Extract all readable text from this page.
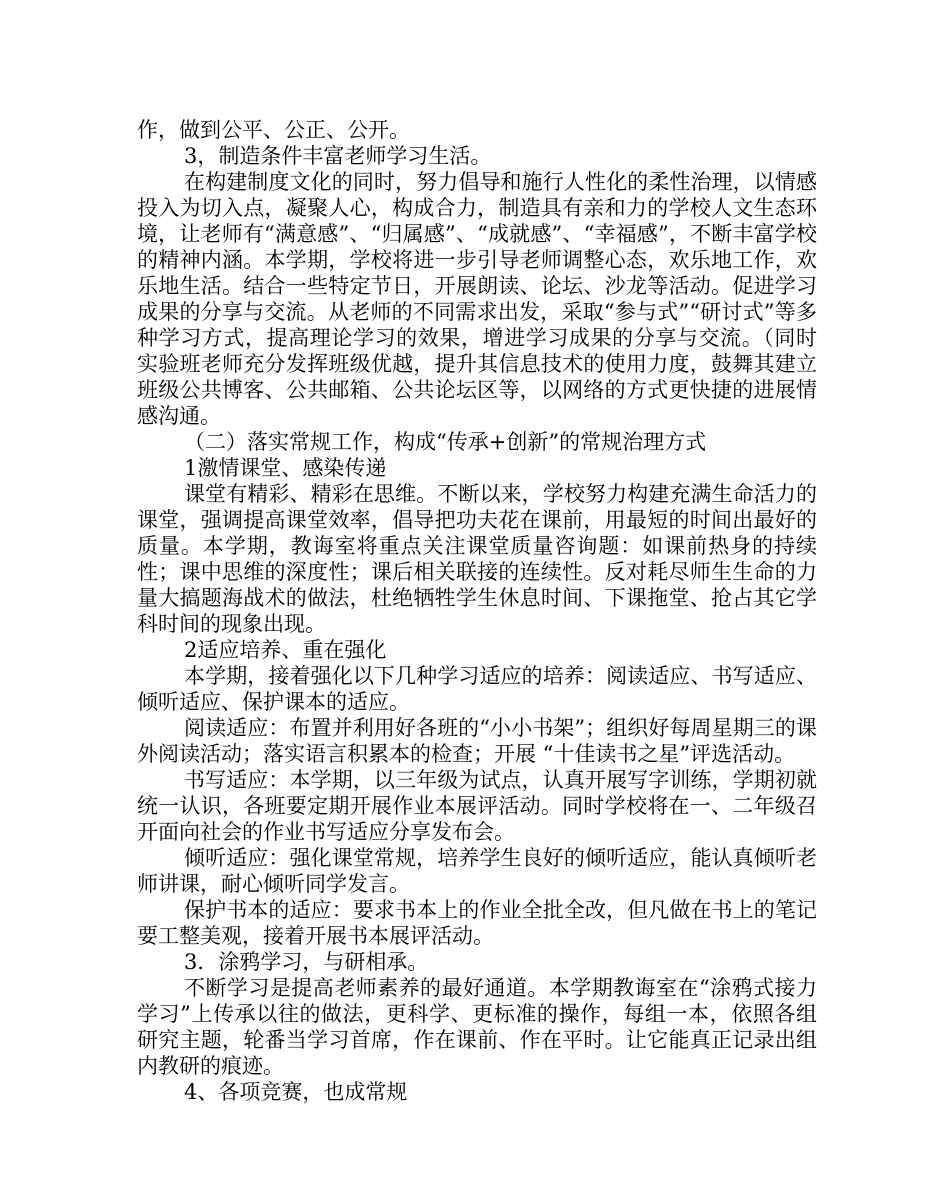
作，做到公平、公正、公开。

3，制造条件丰富老师学习生活。

在构建制度文化的同时，努力倡导和施行人性化的柔性治理，以情感投入为切入点，凝聚人心，构成合力，制造具有亲和力的学校人文生态环境，让老师有“满意感”、“归属感”、“成就感”、“幸福感”，不断丰富学校的精神内涵。本学期，学校将进一步引导老师调整心态，欢乐地工作，欢乐地生活。结合一些特定节日，开展朗读、论坛、沙龙等活动。促进学习成果的分享与交流。从老师的不同需求出发，采取“参与式”“研讨式”等多种学习方式，提高理论学习的效果，增进学习成果的分享与交流。（同时实验班老师充分发挥班级优越，提升其信息技术的使用力度，鼓舞其建立班级公共博客、公共邮箱、公共论坛区等，以网络的方式更快捷的进展情感沟通。

（二）落实常规工作，构成“传承+创新”的常规治理方式

1激情课堂、感染传递

课堂有精彩、精彩在思维。不断以来，学校努力构建充满生命活力的课堂，强调提高课堂效率，倡导把功夫花在课前，用最短的时间出最好的质量。本学期，教诲室将重点关注课堂质量咨询题：如课前热身的持续性；课中思维的深度性；课后相关联接的连续性。反对耗尽师生生命的力量大搞题海战术的做法，杜绝牺牲学生休息时间、下课拖堂、抢占其它学科时间的现象出现。

2适应培养、重在强化

本学期，接着强化以下几种学习适应的培养：阅读适应、书写适应、倾听适应、保护课本的适应。

阅读适应：布置并利用好各班的“小小书架”；组织好每周星期三的课外阅读活动；落实语言积累本的检查；开展 “十佳读书之星”评选活动。

书写适应：本学期，以三年级为试点，认真开展写字训练，学期初就统一认识，各班要定期开展作业本展评活动。同时学校将在一、二年级召开面向社会的作业书写适应分享发布会。

倾听适应：强化课堂常规，培养学生良好的倾听适应，能认真倾听老师讲课，耐心倾听同学发言。

保护书本的适应：要求书本上的作业全批全改，但凡做在书上的笔记要工整美观，接着开展书本展评活动。

3．涂鸦学习，与研相承。

不断学习是提高老师素养的最好通道。本学期教诲室在“涂鸦式接力学习”上传承以往的做法，更科学、更标准的操作，每组一本，依照各组研究主题，轮番当学习首席，作在课前、作在平时。让它能真正记录出组内教研的痕迹。

4、各项竞赛，也成常规
